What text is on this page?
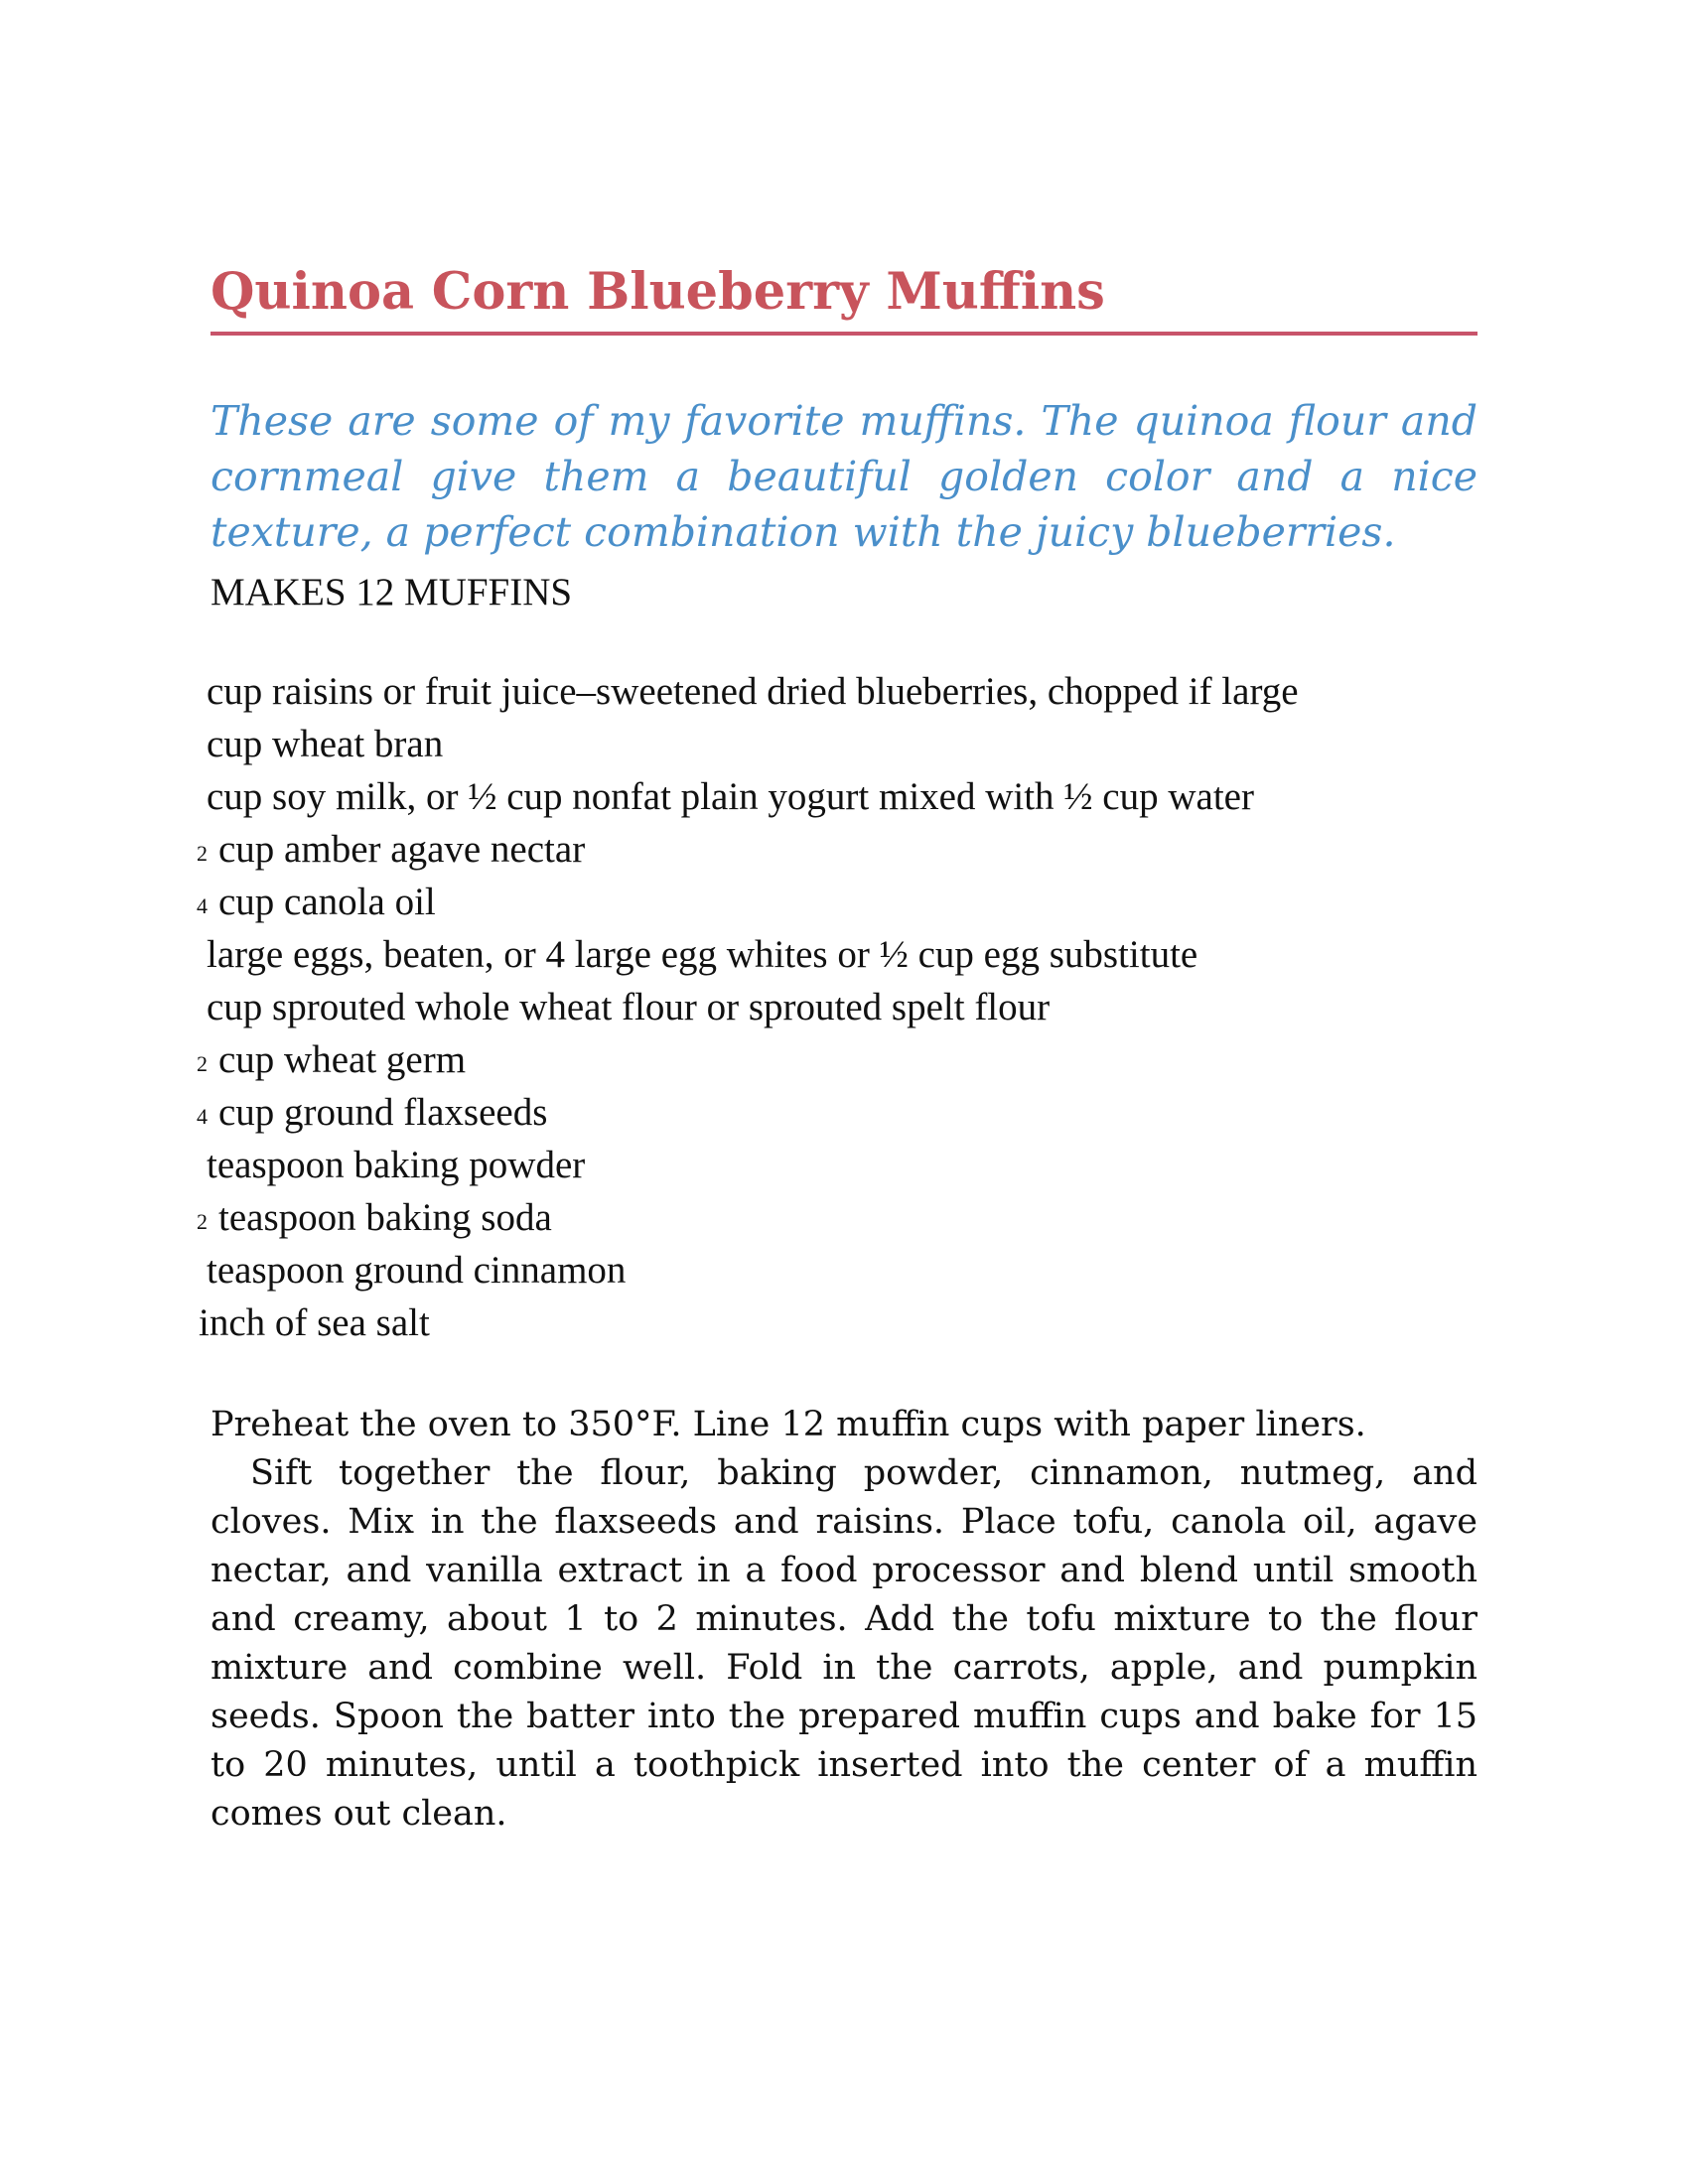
Quinoa Corn Blueberry Muffins

These are some of my favorite muffins. The quinoa flour and cornmeal give them a beautiful golden color and a nice texture, a perfect combination with the juicy blueberries.

MAKES 12 MUFFINS

cup raisins or fruit juice–sweetened dried blueberries, chopped if large
cup wheat bran
cup soy milk, or ½ cup nonfat plain yogurt mixed with ½ cup water
2 cup amber agave nectar
4 cup canola oil
large eggs, beaten, or 4 large egg whites or ½ cup egg substitute
cup sprouted whole wheat flour or sprouted spelt flour
2 cup wheat germ
4 cup ground flaxseeds
teaspoon baking powder
2 teaspoon baking soda
teaspoon ground cinnamon
inch of sea salt

Preheat the oven to 350°F. Line 12 muffin cups with paper liners.

Sift together the flour, baking powder, cinnamon, nutmeg, and cloves. Mix in the flaxseeds and raisins. Place tofu, canola oil, agave nectar, and vanilla extract in a food processor and blend until smooth and creamy, about 1 to 2 minutes. Add the tofu mixture to the flour mixture and combine well. Fold in the carrots, apple, and pumpkin seeds. Spoon the batter into the prepared muffin cups and bake for 15 to 20 minutes, until a toothpick inserted into the center of a muffin comes out clean.
